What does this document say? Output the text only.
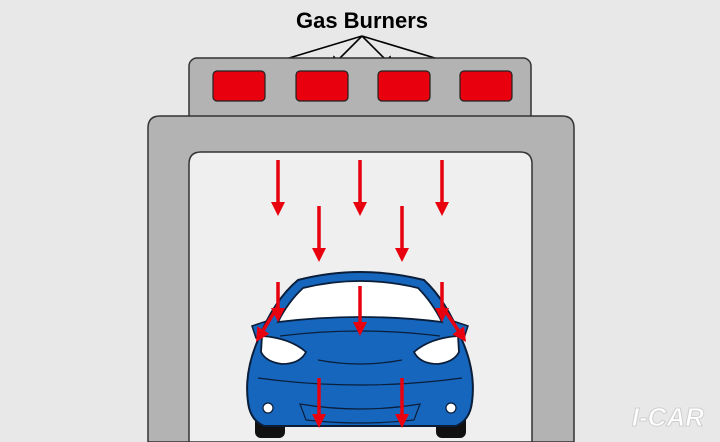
Gas Burners
I-CAR
